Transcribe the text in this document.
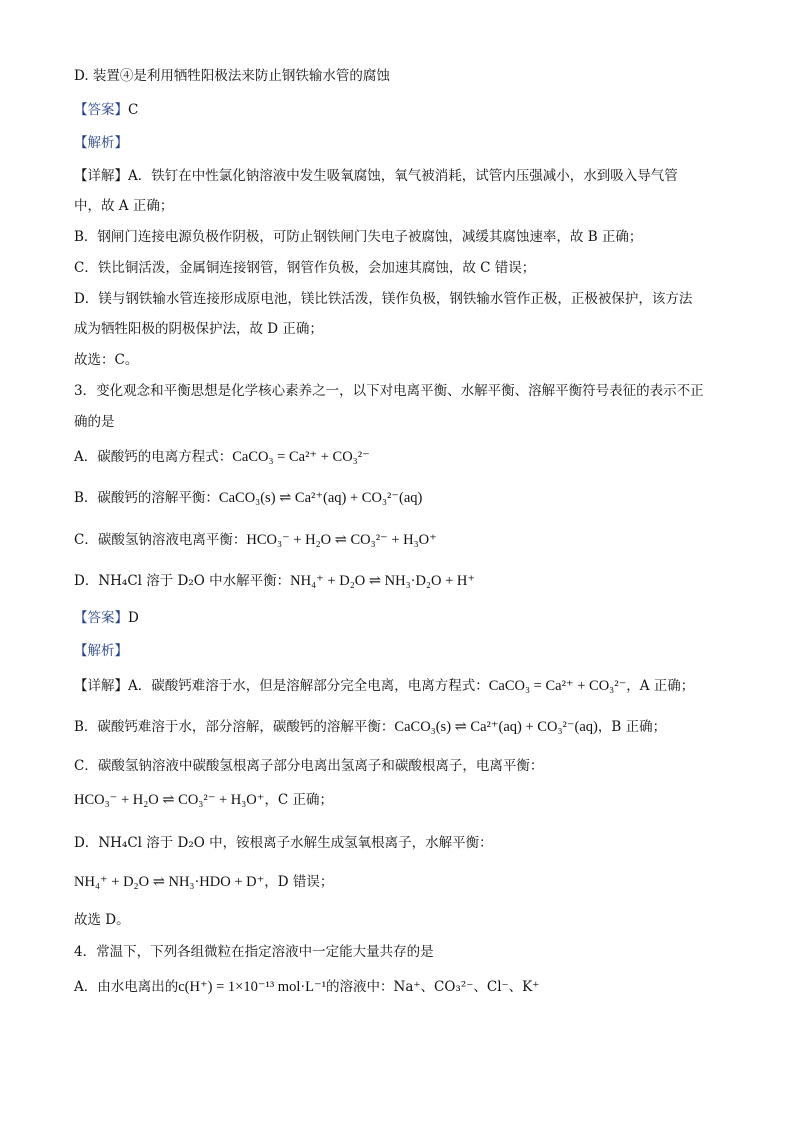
D. 装置④是利用牺牲阳极法来防止钢铁输水管的腐蚀
【答案】C
【解析】
【详解】A．铁钉在中性氯化钠溶液中发生吸氧腐蚀，氧气被消耗，试管内压强减小，水到吸入导气管
中，故 A 正确；
B．钢闸门连接电源负极作阴极，可防止钢铁闸门失电子被腐蚀，减缓其腐蚀速率，故 B 正确；
C．铁比铜活泼，金属铜连接钢管，钢管作负极，会加速其腐蚀，故 C 错误；
D．镁与钢铁输水管连接形成原电池，镁比铁活泼，镁作负极，钢铁输水管作正极，正极被保护，该方法
成为牺牲阳极的阴极保护法，故 D 正确；
故选：C。
3．变化观念和平衡思想是化学核心素养之一，以下对电离平衡、水解平衡、溶解平衡符号表征的表示不正
确的是
A．碳酸钙的电离方程式：CaCO₃ = Ca²⁺ + CO₃²⁻
B．碳酸钙的溶解平衡：CaCO₃(s) ⇌ Ca²⁺(aq) + CO₃²⁻(aq)
C．碳酸氢钠溶液电离平衡：HCO₃⁻ + H₂O ⇌ CO₃²⁻ + H₃O⁺
D．NH₄Cl 溶于 D₂O 中水解平衡：NH₄⁺ + D₂O ⇌ NH₃·D₂O + H⁺
【答案】D
【解析】
【详解】A．碳酸钙难溶于水，但是溶解部分完全电离，电离方程式：CaCO₃ = Ca²⁺ + CO₃²⁻，A 正确；
B．碳酸钙难溶于水，部分溶解，碳酸钙的溶解平衡：CaCO₃(s) ⇌ Ca²⁺(aq) + CO₃²⁻(aq)，B 正确；
C．碳酸氢钠溶液中碳酸氢根离子部分电离出氢离子和碳酸根离子，电离平衡：
HCO₃⁻ + H₂O ⇌ CO₃²⁻ + H₃O⁺，C 正确；
D．NH₄Cl 溶于 D₂O 中，铵根离子水解生成氢氧根离子，水解平衡：
NH₄⁺ + D₂O ⇌ NH₃·HDO + D⁺，D 错误；
故选 D。
4．常温下，下列各组微粒在指定溶液中一定能大量共存的是
A．由水电离出的c(H⁺) = 1×10⁻¹³ mol·L⁻¹的溶液中：Na⁺、CO₃²⁻、Cl⁻、K⁺
